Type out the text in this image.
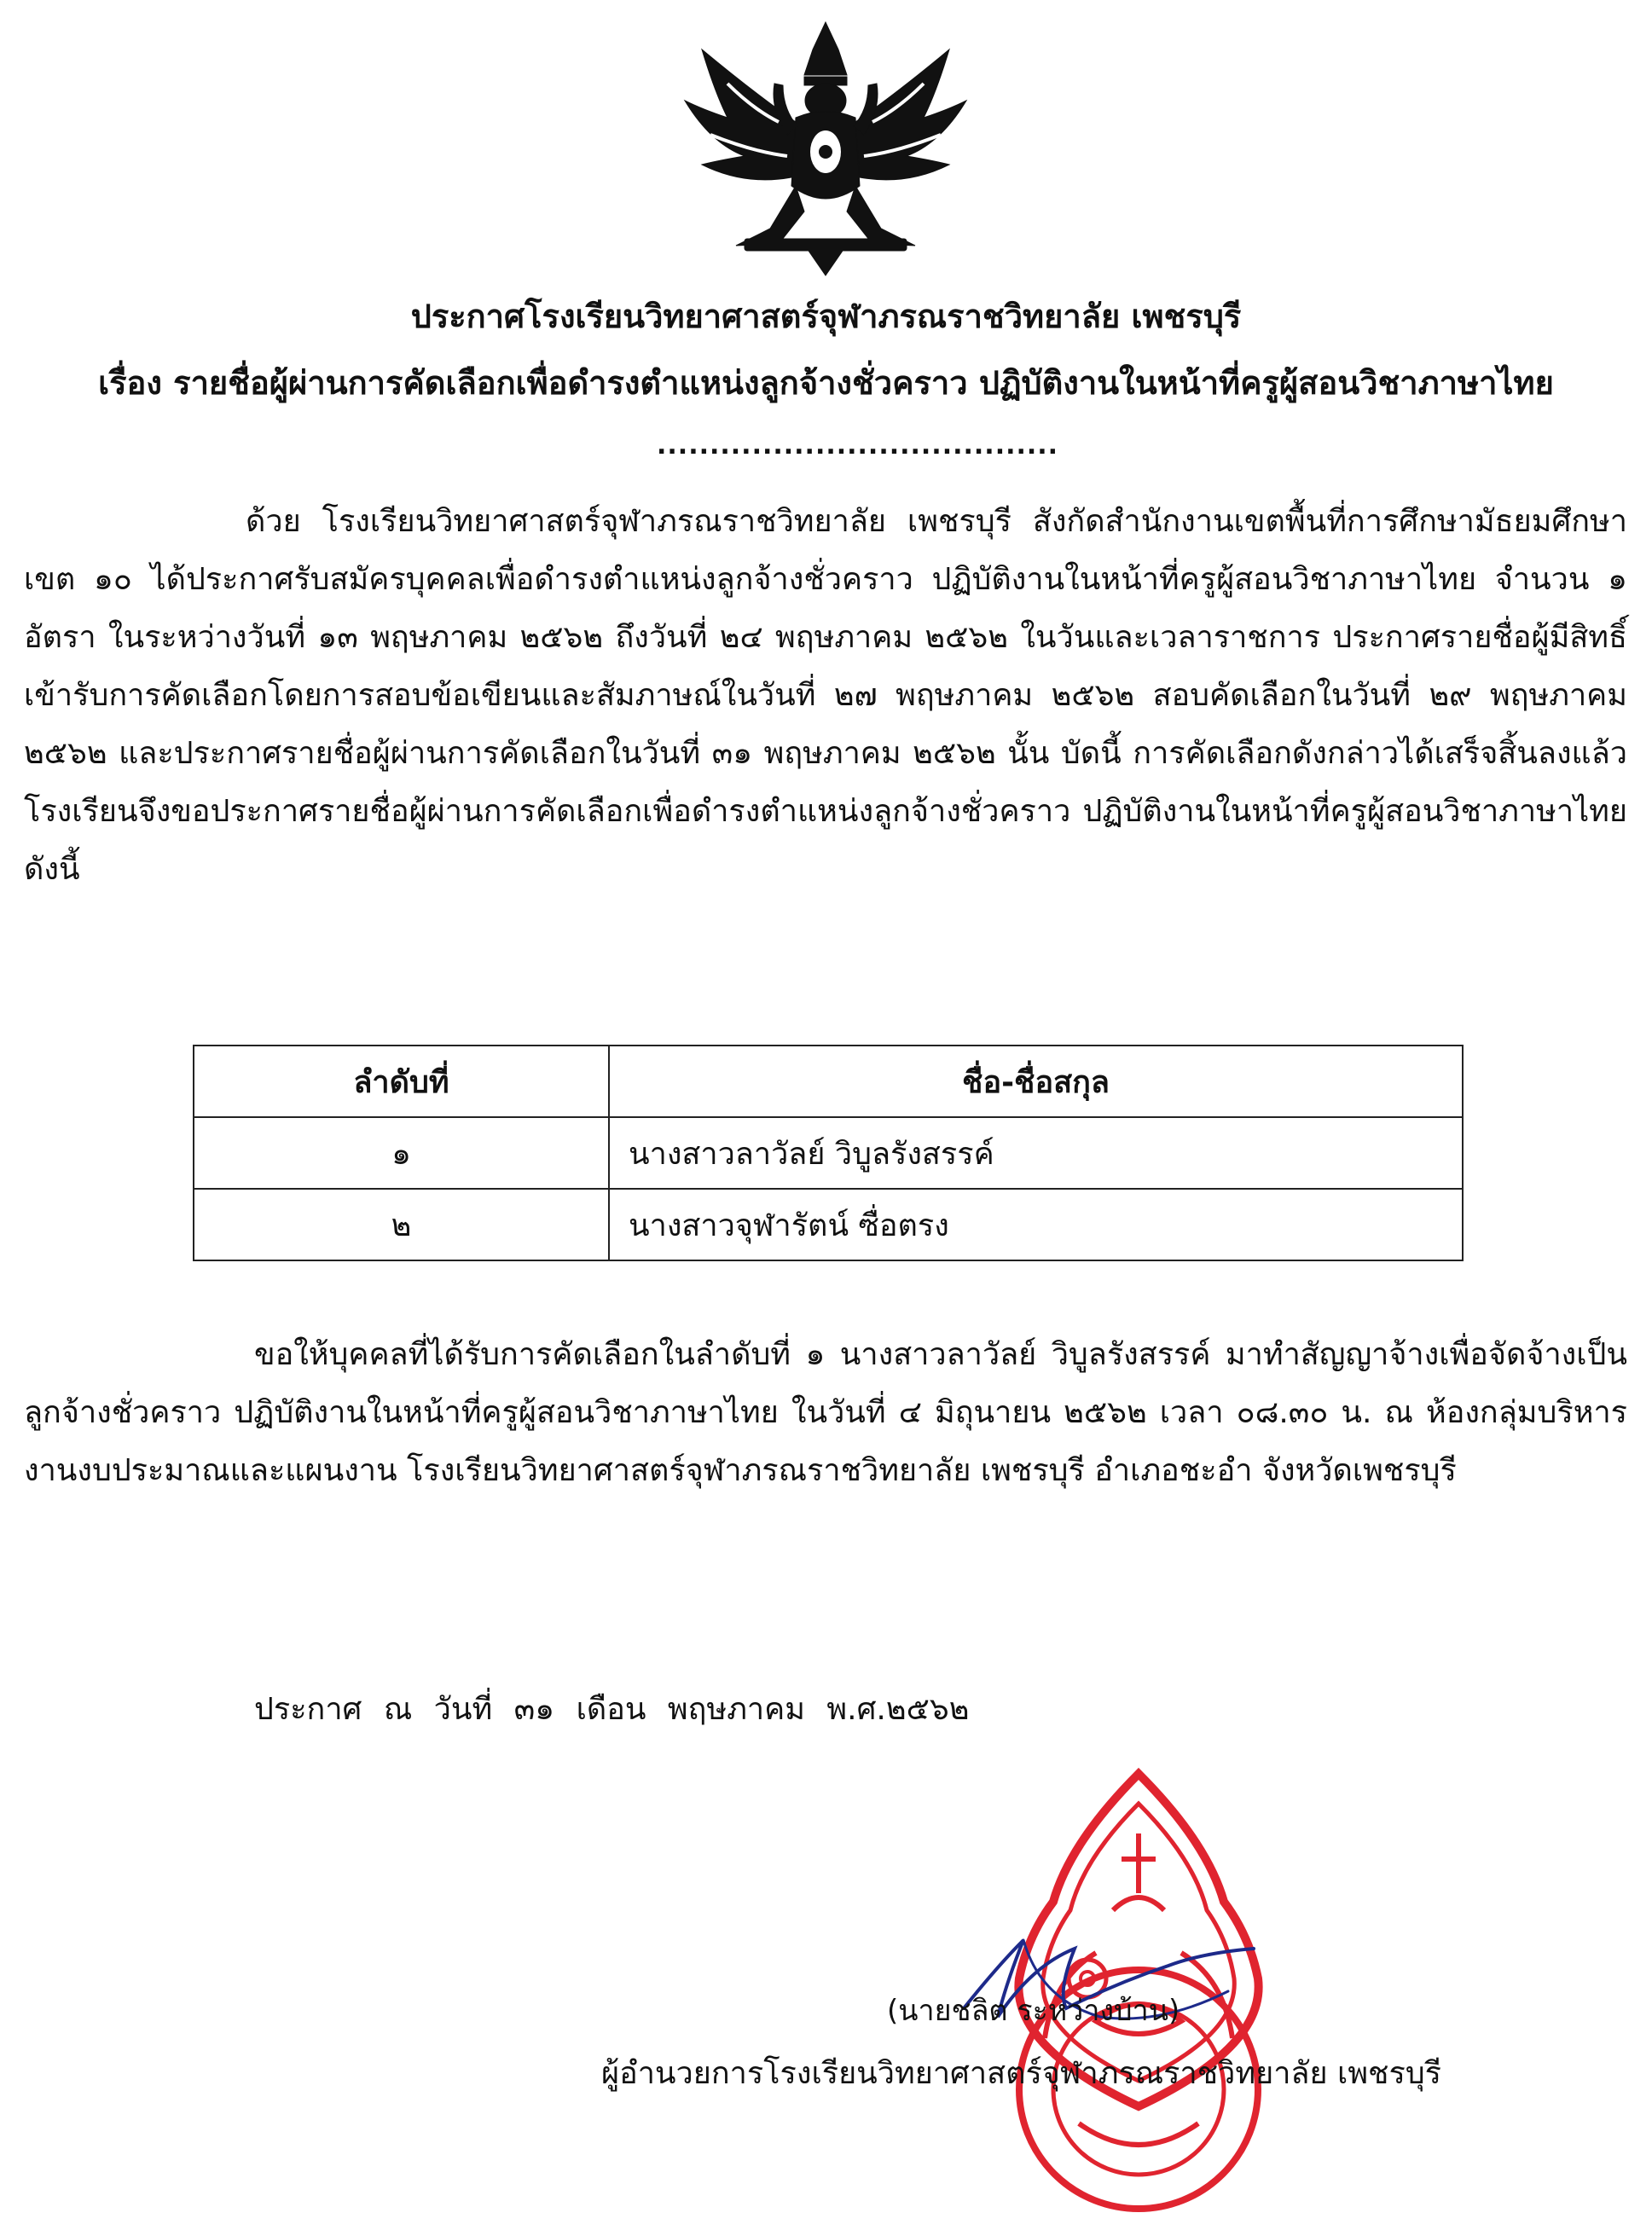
ประกาศโรงเรียนวิทยาศาสตร์จุฬาภรณราชวิทยาลัย เพชรบุรี
เรื่อง รายชื่อผู้ผ่านการคัดเลือกเพื่อดำรงตำแหน่งลูกจ้างชั่วคราว ปฏิบัติงานในหน้าที่ครูผู้สอนวิชาภาษาไทย
......................................
ด้วย โรงเรียนวิทยาศาสตร์จุฬาภรณราชวิทยาลัย เพชรบุรี สังกัดสำนักงานเขตพื้นที่การศึกษามัธยมศึกษาเขต ๑๐ ได้ประกาศรับสมัครบุคคลเพื่อดำรงตำแหน่งลูกจ้างชั่วคราว ปฏิบัติงานในหน้าที่ครูผู้สอนวิชาภาษาไทย จำนวน ๑ อัตรา ในระหว่างวันที่ ๑๓ พฤษภาคม ๒๕๖๒ ถึงวันที่ ๒๔ พฤษภาคม ๒๕๖๒ ในวันและเวลาราชการ ประกาศรายชื่อผู้มีสิทธิ์เข้ารับการคัดเลือกโดยการสอบข้อเขียนและสัมภาษณ์ในวันที่ ๒๗ พฤษภาคม ๒๕๖๒ สอบคัดเลือกในวันที่ ๒๙ พฤษภาคม ๒๕๖๒ และประกาศรายชื่อผู้ผ่านการคัดเลือกในวันที่ ๓๑ พฤษภาคม ๒๕๖๒ นั้น บัดนี้ การคัดเลือกดังกล่าวได้เสร็จสิ้นลงแล้ว โรงเรียนจึงขอประกาศรายชื่อผู้ผ่านการคัดเลือกเพื่อดำรงตำแหน่งลูกจ้างชั่วคราว ปฏิบัติงานในหน้าที่ครูผู้สอนวิชาภาษาไทย ดังนี้
ลำดับที่	ชื่อ-ชื่อสกุล
๑	นางสาวลาวัลย์ วิบูลรังสรรค์
๒	นางสาวจุฬารัตน์ ซื่อตรง
ขอให้บุคคลที่ได้รับการคัดเลือกในลำดับที่ ๑ นางสาวลาวัลย์ วิบูลรังสรรค์ มาทำสัญญาจ้างเพื่อจัดจ้างเป็นลูกจ้างชั่วคราว ปฏิบัติงานในหน้าที่ครูผู้สอนวิชาภาษาไทย ในวันที่ ๔ มิถุนายน ๒๕๖๒ เวลา ๐๘.๓๐ น. ณ ห้องกลุ่มบริหารงานงบประมาณและแผนงาน โรงเรียนวิทยาศาสตร์จุฬาภรณราชวิทยาลัย เพชรบุรี อำเภอชะอำ จังหวัดเพชรบุรี
ประกาศ ณ วันที่ ๓๑ เดือน พฤษภาคม พ.ศ.๒๕๖๒
(นายชลิต ระหว่างบ้าน)
ผู้อำนวยการโรงเรียนวิทยาศาสตร์จุฬาภรณราชวิทยาลัย เพชรบุรี
